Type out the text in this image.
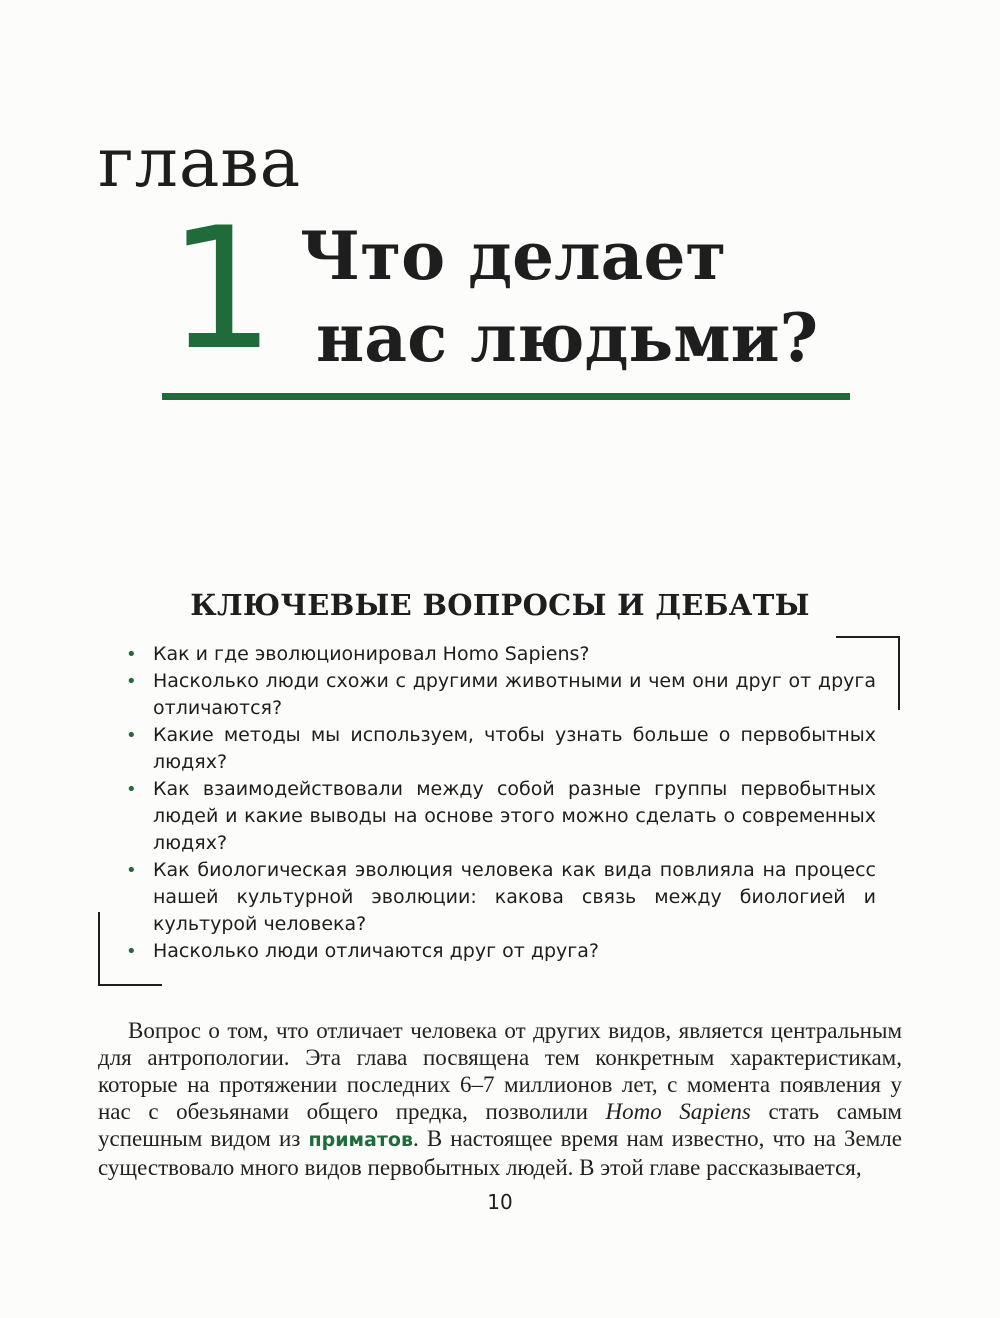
глава
1 Что делает
нас людьми?
КЛЮЧЕВЫЕ ВОПРОСЫ И ДЕБАТЫ
• Как и где эволюционировал Homo Sapiens?
• Насколько люди схожи с другими животными и чем они друг от друга отличаются?
• Какие методы мы используем, чтобы узнать больше о первобытных людях?
• Как взаимодействовали между собой разные группы первобытных людей и какие выводы на основе этого можно сделать о современных людях?
• Как биологическая эволюция человека как вида повлияла на процесс нашей культурной эволюции: какова связь между биологией и культурой человека?
• Насколько люди отличаются друг от друга?

Вопрос о том, что отличает человека от других видов, является центральным для антропологии. Эта глава посвящена тем конкретным характеристикам, которые на протяжении последних 6–7 миллионов лет, с момента появления у нас с обезьянами общего предка, позволили Homo Sapiens стать самым успешным видом из приматов. В настоящее время нам известно, что на Земле существовало много видов первобытных людей. В этой главе рассказывается,

10
